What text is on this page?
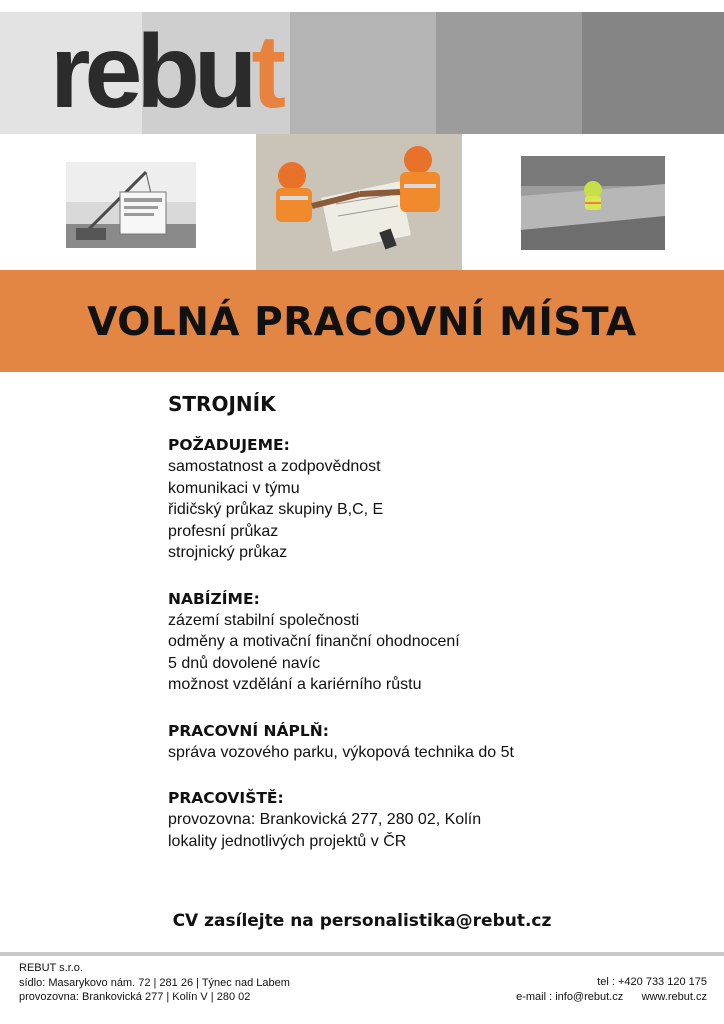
rebut
VOLNÁ PRACOVNÍ MÍSTA
STROJNÍK
POŽADUJEME:
samostatnost a zodpovědnost
komunikaci v týmu
řidičský průkaz skupiny B,C, E
profesní průkaz
strojnický průkaz
NABÍZÍME:
zázemí stabilní společnosti
odměny a motivační finanční ohodnocení
5 dnů dovolené navíc
možnost vzdělání a kariérního růstu
PRACOVNÍ NÁPLŇ:
správa vozového parku, výkopová technika do 5t
PRACOVIŠTĚ:
provozovna: Brankovická 277, 280 02, Kolín
lokality jednotlivých projektů v ČR
CV zasílejte na personalistika@rebut.cz
REBUT s.r.o.
sídlo: Masarykovo nám. 72 | 281 26 | Týnec nad Labem
provozovna: Brankovická 277 | Kolín V | 280 02
tel : +420 733 120 175
e-mail : info@rebut.cz www.rebut.cz
